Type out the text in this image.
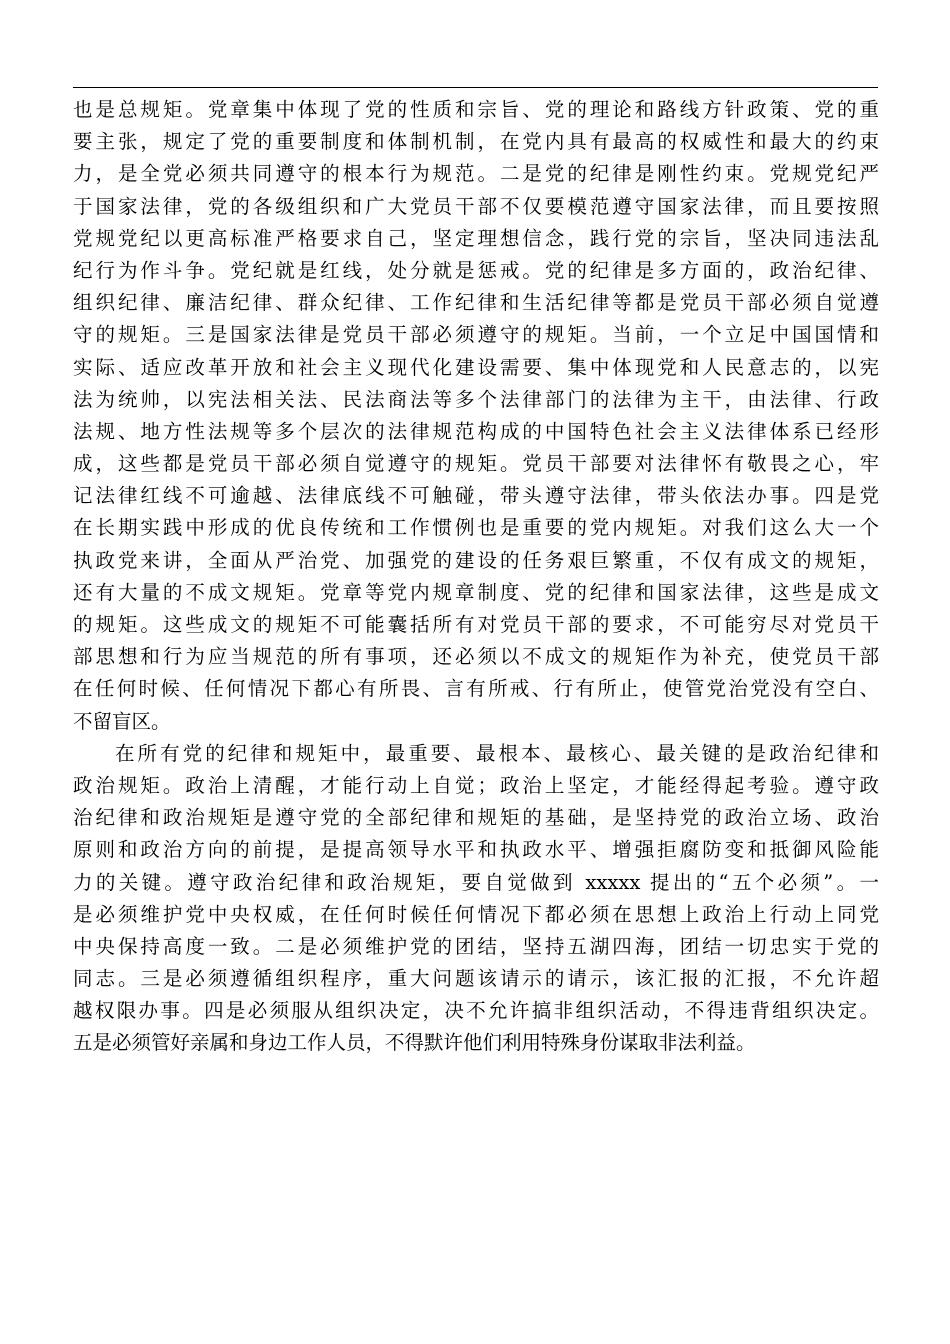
也是总规矩。党章集中体现了党的性质和宗旨、党的理论和路线方针政策、党的重
要主张，规定了党的重要制度和体制机制，在党内具有最高的权威性和最大的约束
力，是全党必须共同遵守的根本行为规范。二是党的纪律是刚性约束。党规党纪严
于国家法律，党的各级组织和广大党员干部不仅要模范遵守国家法律，而且要按照
党规党纪以更高标准严格要求自己，坚定理想信念，践行党的宗旨，坚决同违法乱
纪行为作斗争。党纪就是红线，处分就是惩戒。党的纪律是多方面的，政治纪律、
组织纪律、廉洁纪律、群众纪律、工作纪律和生活纪律等都是党员干部必须自觉遵
守的规矩。三是国家法律是党员干部必须遵守的规矩。当前，一个立足中国国情和
实际、适应改革开放和社会主义现代化建设需要、集中体现党和人民意志的，以宪
法为统帅，以宪法相关法、民法商法等多个法律部门的法律为主干，由法律、行政
法规、地方性法规等多个层次的法律规范构成的中国特色社会主义法律体系已经形
成，这些都是党员干部必须自觉遵守的规矩。党员干部要对法律怀有敬畏之心，牢
记法律红线不可逾越、法律底线不可触碰，带头遵守法律，带头依法办事。四是党
在长期实践中形成的优良传统和工作惯例也是重要的党内规矩。对我们这么大一个
执政党来讲，全面从严治党、加强党的建设的任务艰巨繁重，不仅有成文的规矩，
还有大量的不成文规矩。党章等党内规章制度、党的纪律和国家法律，这些是成文
的规矩。这些成文的规矩不可能囊括所有对党员干部的要求，不可能穷尽对党员干
部思想和行为应当规范的所有事项，还必须以不成文的规矩作为补充，使党员干部
在任何时候、任何情况下都心有所畏、言有所戒、行有所止，使管党治党没有空白、
不留盲区。
在所有党的纪律和规矩中，最重要、最根本、最核心、最关键的是政治纪律和
政治规矩。政治上清醒，才能行动上自觉；政治上坚定，才能经得起考验。遵守政
治纪律和政治规矩是遵守党的全部纪律和规矩的基础，是坚持党的政治立场、政治
原则和政治方向的前提，是提高领导水平和执政水平、增强拒腐防变和抵御风险能
力的关键。遵守政治纪律和政治规矩，要自觉做到 xxxxx 提出的“五个必须”。一
是必须维护党中央权威，在任何时候任何情况下都必须在思想上政治上行动上同党
中央保持高度一致。二是必须维护党的团结，坚持五湖四海，团结一切忠实于党的
同志。三是必须遵循组织程序，重大问题该请示的请示，该汇报的汇报，不允许超
越权限办事。四是必须服从组织决定，决不允许搞非组织活动，不得违背组织决定。
五是必须管好亲属和身边工作人员，不得默许他们利用特殊身份谋取非法利益。
